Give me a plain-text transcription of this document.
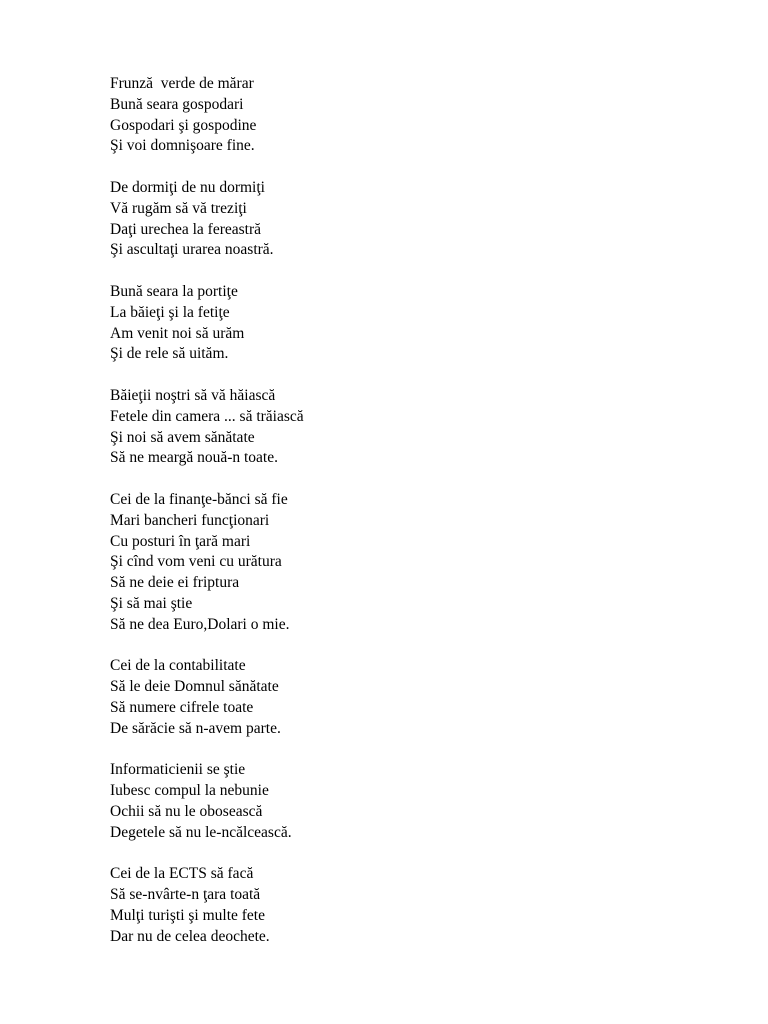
Frunză  verde de mărar
Bună seara gospodari
Gospodari şi gospodine
Şi voi domnişoare fine.
De dormiţi de nu dormiţi
Vă rugăm să vă treziţi
Daţi urechea la fereastră
Şi ascultaţi urarea noastră.
Bună seara la portiţe
La băieţi şi la fetiţe
Am venit noi să urăm
Şi de rele să uităm.
Băieţii noştri să vă hăiască
Fetele din camera ... să trăiască
Şi noi să avem sănătate
Să ne meargă nouă-n toate.
Cei de la finanţe-bănci să fie
Mari bancheri funcţionari
Cu posturi în ţară mari
Şi cînd vom veni cu urătura
Să ne deie ei friptura
Şi să mai ştie
Să ne dea Euro,Dolari o mie.
Cei de la contabilitate
Să le deie Domnul sănătate
Să numere cifrele toate
De sărăcie să n-avem parte.
Informaticienii se ştie
Iubesc compul la nebunie
Ochii să nu le obosească
Degetele să nu le-ncălcească.
Cei de la ECTS să facă
Să se-nvârte-n ţara toată
Mulţi turişti şi multe fete
Dar nu de celea deochete.
